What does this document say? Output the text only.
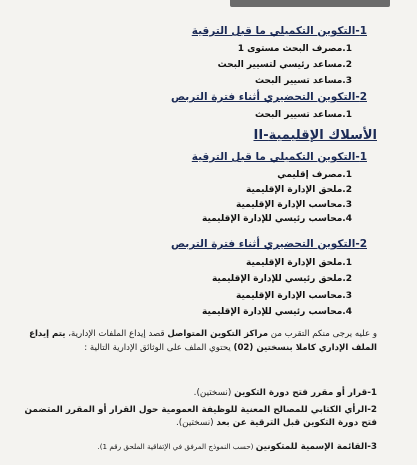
1-التكوين التكميلي ما قبل الترقية
1.مصرف البحث مستوى 1
2.مساعد رئيسي لتسيير البحث
3.مساعد تسيير البحث
2-التكوين التحضيري أثناء فترة التربص
1.مساعد تسيير البحث
II-الأسلاك الإقليمية
1-التكوين التكميلي ما قبل الترقية
1.مصرف إقليمي
2.ملحق الإدارة الإقليمية
3.محاسب الإدارة الإقليمية
4.محاسب رئيسي للإدارة الإقليمية
2-التكوين التحضيري أثناء فترة التربص
1.ملحق الإدارة الإقليمية
2.ملحق رئيسي للإدارة الإقليمية
3.محاسب الإدارة الإقليمية
4.محاسب رئيسي للإدارة الإقليمية
و عليه يرجى منكم التقرب من مراكز التكوين المتواصل قصد إيداع الملفات الإدارية، يتم إيداع الملف الإداري كاملا بنسختين (02) يحتوي الملف على الوثائق الإدارية التالية :
1-قرار أو مقرر فتح دورة التكوين (نسختين).
2-الرأي الكتابي للمصالح المعنية للوظيفة العمومية حول القرار أو المقرر المتضمن فتح دورة التكوين قبل الترقية عن بعد (نسختين).
3-القائمة الإسمية للمتكونين (حسب النموذج المرفق في الإتفاقية الملحق رقم 1).
